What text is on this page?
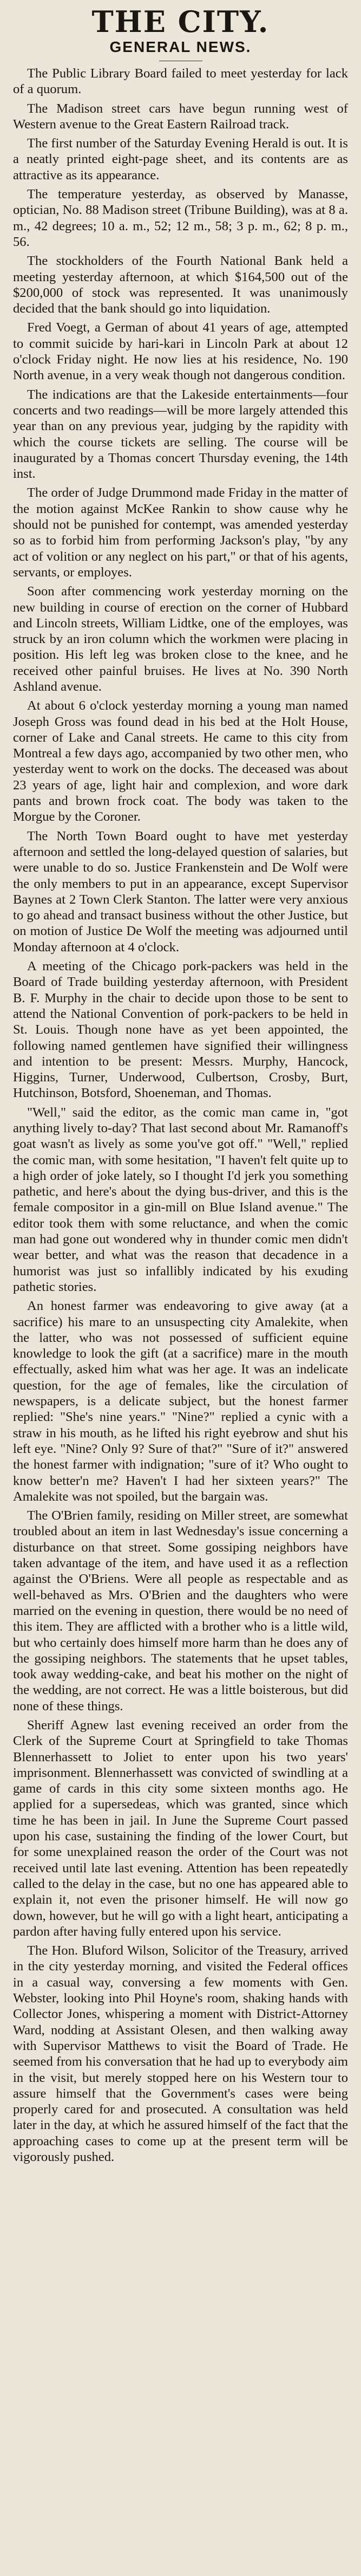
THE CITY.
GENERAL NEWS.

The Public Library Board failed to meet yesterday for lack of a quorum.

The Madison street cars have begun running west of Western avenue to the Great Eastern Railroad track.

The first number of the Saturday Evening Herald is out. It is a neatly printed eight-page sheet, and its contents are as attractive as its appearance.

The temperature yesterday, as observed by Manasse, optician, No. 88 Madison street (Tribune Building), was at 8 a. m., 42 degrees; 10 a. m., 52; 12 m., 58; 3 p. m., 62; 8 p. m., 56.

The stockholders of the Fourth National Bank held a meeting yesterday afternoon, at which $164,500 out of the $200,000 of stock was represented. It was unanimously decided that the bank should go into liquidation.

Fred Voegt, a German of about 41 years of age, attempted to commit suicide by hari-kari in Lincoln Park at about 12 o'clock Friday night. He now lies at his residence, No. 190 North avenue, in a very weak though not dangerous condition.

The indications are that the Lakeside entertainments—four concerts and two readings—will be more largely attended this year than on any previous year, judging by the rapidity with which the course tickets are selling. The course will be inaugurated by a Thomas concert Thursday evening, the 14th inst.

The order of Judge Drummond made Friday in the matter of the motion against McKee Rankin to show cause why he should not be punished for contempt, was amended yesterday so as to forbid him from performing Jackson's play, "by any act of volition or any neglect on his part," or that of his agents, servants, or employes.

Soon after commencing work yesterday morning on the new building in course of erection on the corner of Hubbard and Lincoln streets, William Lidtke, one of the employes, was struck by an iron column which the workmen were placing in position. His left leg was broken close to the knee, and he received other painful bruises. He lives at No. 390 North Ashland avenue.

At about 6 o'clock yesterday morning a young man named Joseph Gross was found dead in his bed at the Holt House, corner of Lake and Canal streets. He came to this city from Montreal a few days ago, accompanied by two other men, who yesterday went to work on the docks. The deceased was about 23 years of age, light hair and complexion, and wore dark pants and brown frock coat. The body was taken to the Morgue by the Coroner.

The North Town Board ought to have met yesterday afternoon and settled the long-delayed question of salaries, but were unable to do so. Justice Frankenstein and De Wolf were the only members to put in an appearance, except Supervisor Baynes at 2 Town Clerk Stanton. The latter were very anxious to go ahead and transact business without the other Justice, but on motion of Justice De Wolf the meeting was adjourned until Monday afternoon at 4 o'clock.

A meeting of the Chicago pork-packers was held in the Board of Trade building yesterday afternoon, with President B. F. Murphy in the chair to decide upon those to be sent to attend the National Convention of pork-packers to be held in St. Louis. Though none have as yet been appointed, the following named gentlemen have signified their willingness and intention to be present: Messrs. Murphy, Hancock, Higgins, Turner, Underwood, Culbertson, Crosby, Burt, Hutchinson, Botsford, Shoeneman, and Thomas.

"Well," said the editor, as the comic man came in, "got anything lively to-day? That last second about Mr. Ramanoff's goat wasn't as lively as some you've got off." "Well," replied the comic man, with some hesitation, "I haven't felt quite up to a high order of joke lately, so I thought I'd jerk you something pathetic, and here's about the dying bus-driver, and this is the female compositor in a gin-mill on Blue Island avenue." The editor took them with some reluctance, and when the comic man had gone out wondered why in thunder comic men didn't wear better, and what was the reason that decadence in a humorist was just so infallibly indicated by his exuding pathetic stories.

An honest farmer was endeavoring to give away (at a sacrifice) his mare to an unsuspecting city Amalekite, when the latter, who was not possessed of sufficient equine knowledge to look the gift (at a sacrifice) mare in the mouth effectually, asked him what was her age. It was an indelicate question, for the age of females, like the circulation of newspapers, is a delicate subject, but the honest farmer replied: "She's nine years." "Nine?" replied a cynic with a straw in his mouth, as he lifted his right eyebrow and shut his left eye. "Nine? Only 9? Sure of that?" "Sure of it?" answered the honest farmer with indignation; "sure of it? Who ought to know better'n me? Haven't I had her sixteen years?" The Amalekite was not spoiled, but the bargain was.

The O'Brien family, residing on Miller street, are somewhat troubled about an item in last Wednesday's issue concerning a disturbance on that street. Some gossiping neighbors have taken advantage of the item, and have used it as a reflection against the O'Briens. Were all people as respectable and as well-behaved as Mrs. O'Brien and the daughters who were married on the evening in question, there would be no need of this item. They are afflicted with a brother who is a little wild, but who certainly does himself more harm than he does any of the gossiping neighbors. The statements that he upset tables, took away wedding-cake, and beat his mother on the night of the wedding, are not correct. He was a little boisterous, but did none of these things.

Sheriff Agnew last evening received an order from the Clerk of the Supreme Court at Springfield to take Thomas Blennerhassett to Joliet to enter upon his two years' imprisonment. Blennerhassett was convicted of swindling at a game of cards in this city some sixteen months ago. He applied for a supersedeas, which was granted, since which time he has been in jail. In June the Supreme Court passed upon his case, sustaining the finding of the lower Court, but for some unexplained reason the order of the Court was not received until late last evening. Attention has been repeatedly called to the delay in the case, but no one has appeared able to explain it, not even the prisoner himself. He will now go down, however, but he will go with a light heart, anticipating a pardon after having fully entered upon his service.

The Hon. Bluford Wilson, Solicitor of the Treasury, arrived in the city yesterday morning, and visited the Federal offices in a casual way, conversing a few moments with Gen. Webster, looking into Phil Hoyne's room, shaking hands with Collector Jones, whispering a moment with District-Attorney Ward, nodding at Assistant Olesen, and then walking away with Supervisor Matthews to visit the Board of Trade. He seemed from his conversation that he had up to everybody aim in the visit, but merely stopped here on his Western tour to assure himself that the Government's cases were being properly cared for and prosecuted. A consultation was held later in the day, at which he assured himself of the fact that the approaching cases to come up at the present term will be vigorously pushed.
